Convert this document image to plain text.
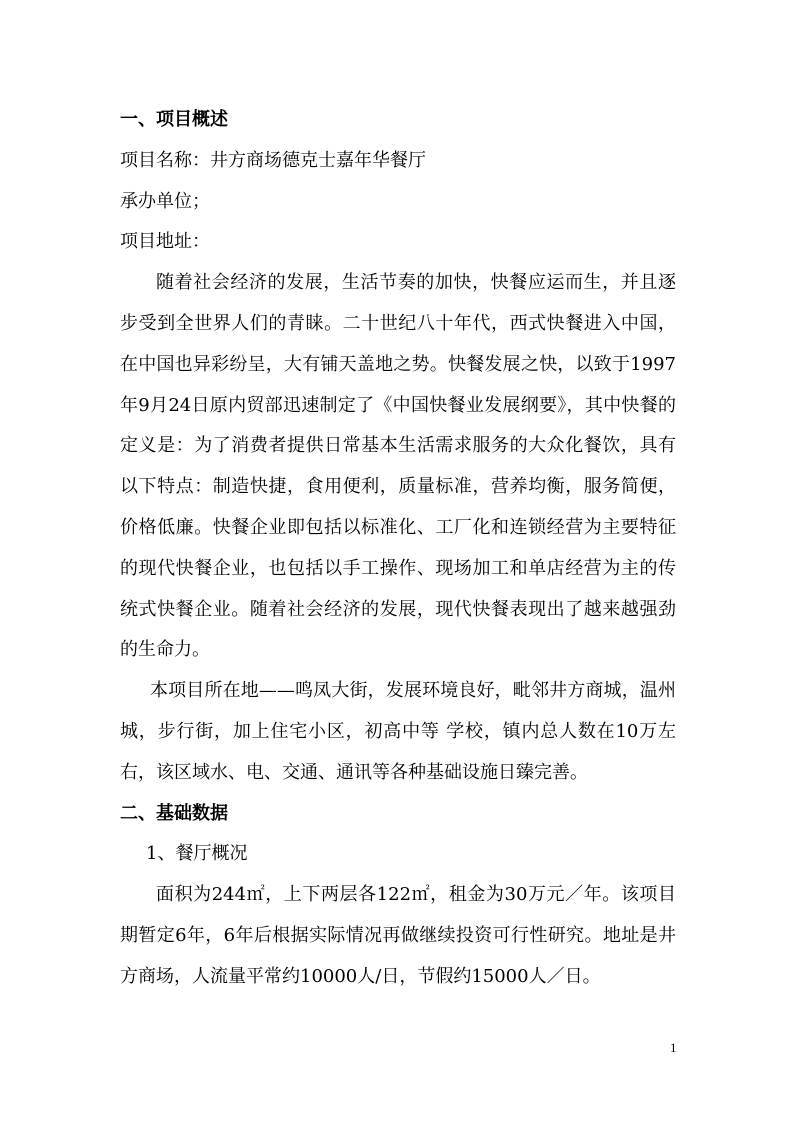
一、项目概述

项目名称：井方商场德克士嘉年华餐厅

承办单位；

项目地址：

随着社会经济的发展，生活节奏的加快，快餐应运而生，并且逐步受到全世界人们的青睐。二十世纪八十年代，西式快餐进入中国，在中国也异彩纷呈，大有铺天盖地之势。快餐发展之快，以致于1997年9月24日原内贸部迅速制定了《中国快餐业发展纲要》，其中快餐的定义是：为了消费者提供日常基本生活需求服务的大众化餐饮，具有以下特点：制造快捷，食用便利，质量标准，营养均衡，服务简便，价格低廉。快餐企业即包括以标准化、工厂化和连锁经营为主要特征的现代快餐企业，也包括以手工操作、现场加工和单店经营为主的传统式快餐企业。随着社会经济的发展，现代快餐表现出了越来越强劲的生命力。

本项目所在地——鸣凤大街，发展环境良好，毗邻井方商城，温州城，步行街，加上住宅小区，初高中等 学校，镇内总人数在10万左右，该区域水、电、交通、通讯等各种基础设施日臻完善。

二、基础数据

1、餐厅概况

面积为244㎡，上下两层各122㎡，租金为30万元／年。该项目期暂定6年，6年后根据实际情况再做继续投资可行性研究。地址是井方商场，人流量平常约10000人/日，节假约15000人／日。

1
